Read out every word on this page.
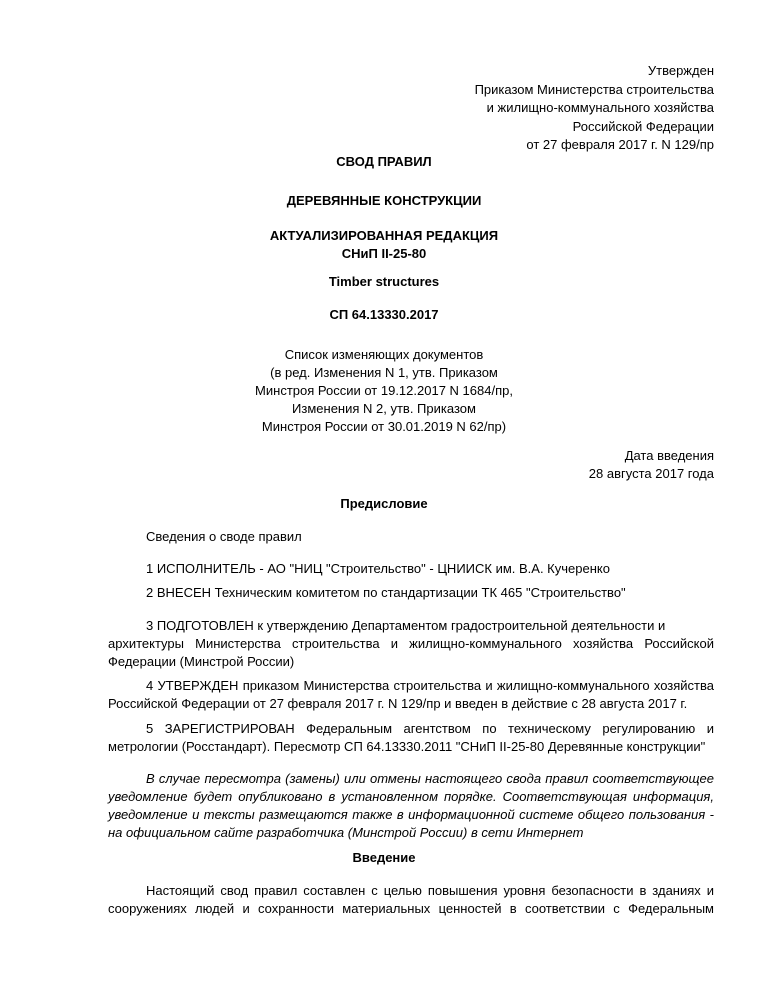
Утвержден
Приказом Министерства строительства
и жилищно-коммунального хозяйства
Российской Федерации
от 27 февраля 2017 г. N 129/пр
СВОД ПРАВИЛ
ДЕРЕВЯННЫЕ КОНСТРУКЦИИ
АКТУАЛИЗИРОВАННАЯ РЕДАКЦИЯ
СНиП II-25-80
Timber structures
СП 64.13330.2017
Список изменяющих документов
(в ред. Изменения N 1, утв. Приказом
Минстроя России от 19.12.2017 N 1684/пр,
Изменения N 2, утв. Приказом
Минстроя России от 30.01.2019 N 62/пр)
Дата введения
28 августа 2017 года
Предисловие
Сведения о своде правил
1 ИСПОЛНИТЕЛЬ - АО "НИЦ "Строительство" - ЦНИИСК им. В.А. Кучеренко
2 ВНЕСЕН Техническим комитетом по стандартизации ТК 465 "Строительство"

3 ПОДГОТОВЛЕН к утверждению Департаментом градостроительной деятельности и

архитектуры Министерства строительства и жилищно-коммунального хозяйства Российской

Федерации (Минстрой России)

4 УТВЕРЖДЕН приказом Министерства строительства и жилищно-коммунального хозяйства

Российской Федерации от 27 февраля 2017 г. N 129/пр и введен в действие с 28 августа 2017 г.

5 ЗАРЕГИСТРИРОВАН Федеральным агентством по техническому регулированию и

метрологии (Росстандарт). Пересмотр СП 64.13330.2011 "СНиП II-25-80 Деревянные конструкции"

В случае пересмотра (замены) или отмены настоящего свода правил соответствующее

уведомление будет опубликовано в установленном порядке. Соответствующая информация,

уведомление и тексты размещаются также в информационной системе общего пользования -

на официальном сайте разработчика (Минстрой России) в сети Интернет

Введение

Настоящий свод правил составлен с целью повышения уровня безопасности в зданиях и

сооружениях людей и сохранности материальных ценностей в соответствии с Федеральным
